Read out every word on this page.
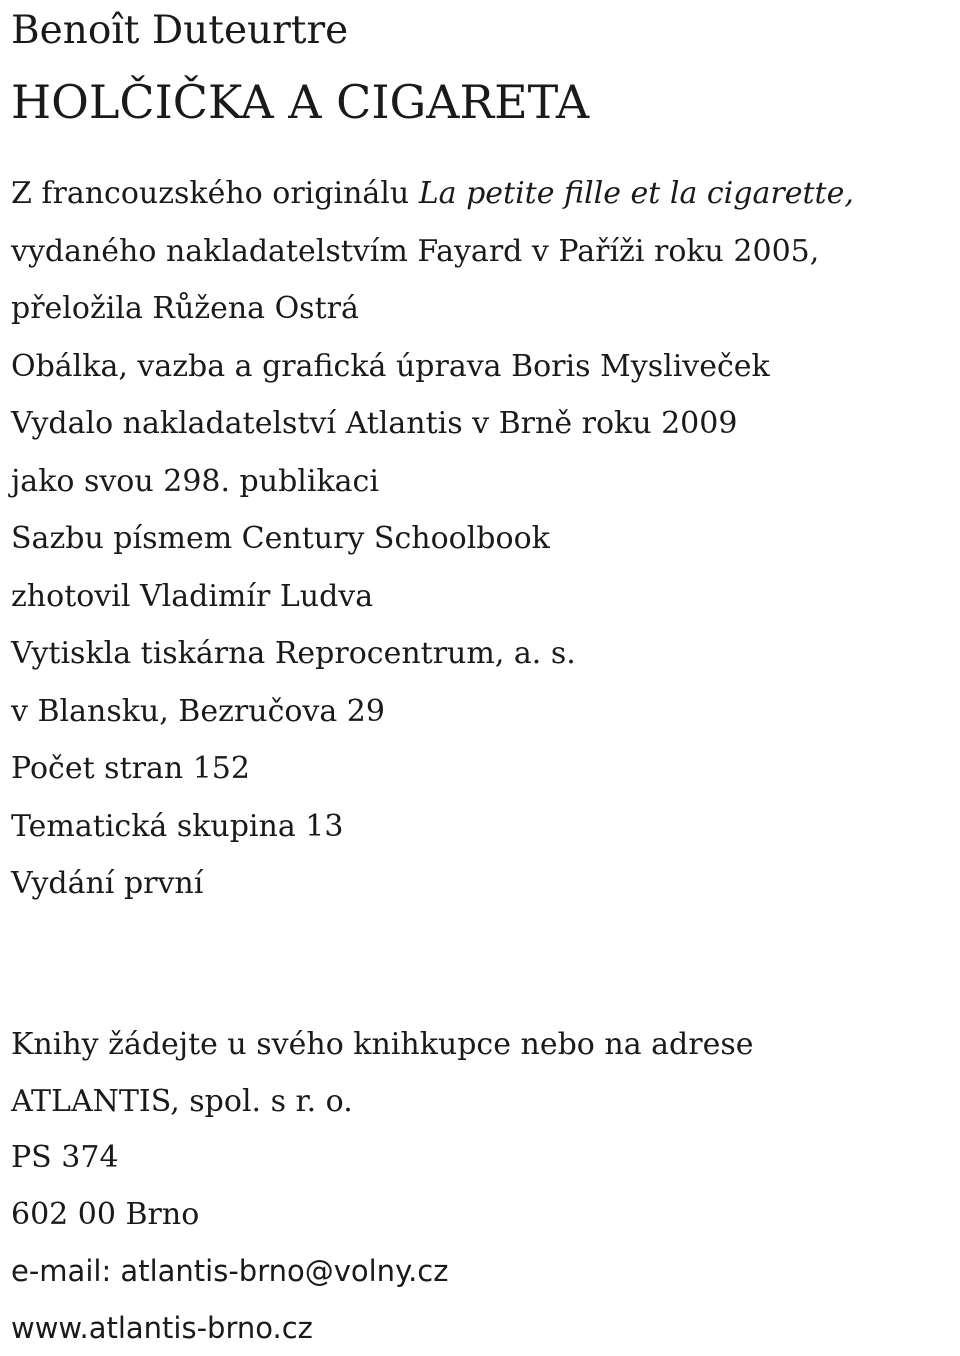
Benoît Duteurtre
HOLČIČKA A CIGARETA
Z francouzského originálu La petite fille et la cigarette,
vydaného nakladatelstvím Fayard v Paříži roku 2005,
přeložila Růžena Ostrá
Obálka, vazba a grafická úprava Boris Mysliveček
Vydalo nakladatelství Atlantis v Brně roku 2009
jako svou 298. publikaci
Sazbu písmem Century Schoolbook
zhotovil Vladimír Ludva
Vytiskla tiskárna Reprocentrum, a. s.
v Blansku, Bezručova 29
Počet stran 152
Tematická skupina 13
Vydání první
Knihy žádejte u svého knihkupce nebo na adrese
ATLANTIS, spol. s r. o.
PS 374
602 00 Brno
e-mail: atlantis-brno@volny.cz
www.atlantis-brno.cz
